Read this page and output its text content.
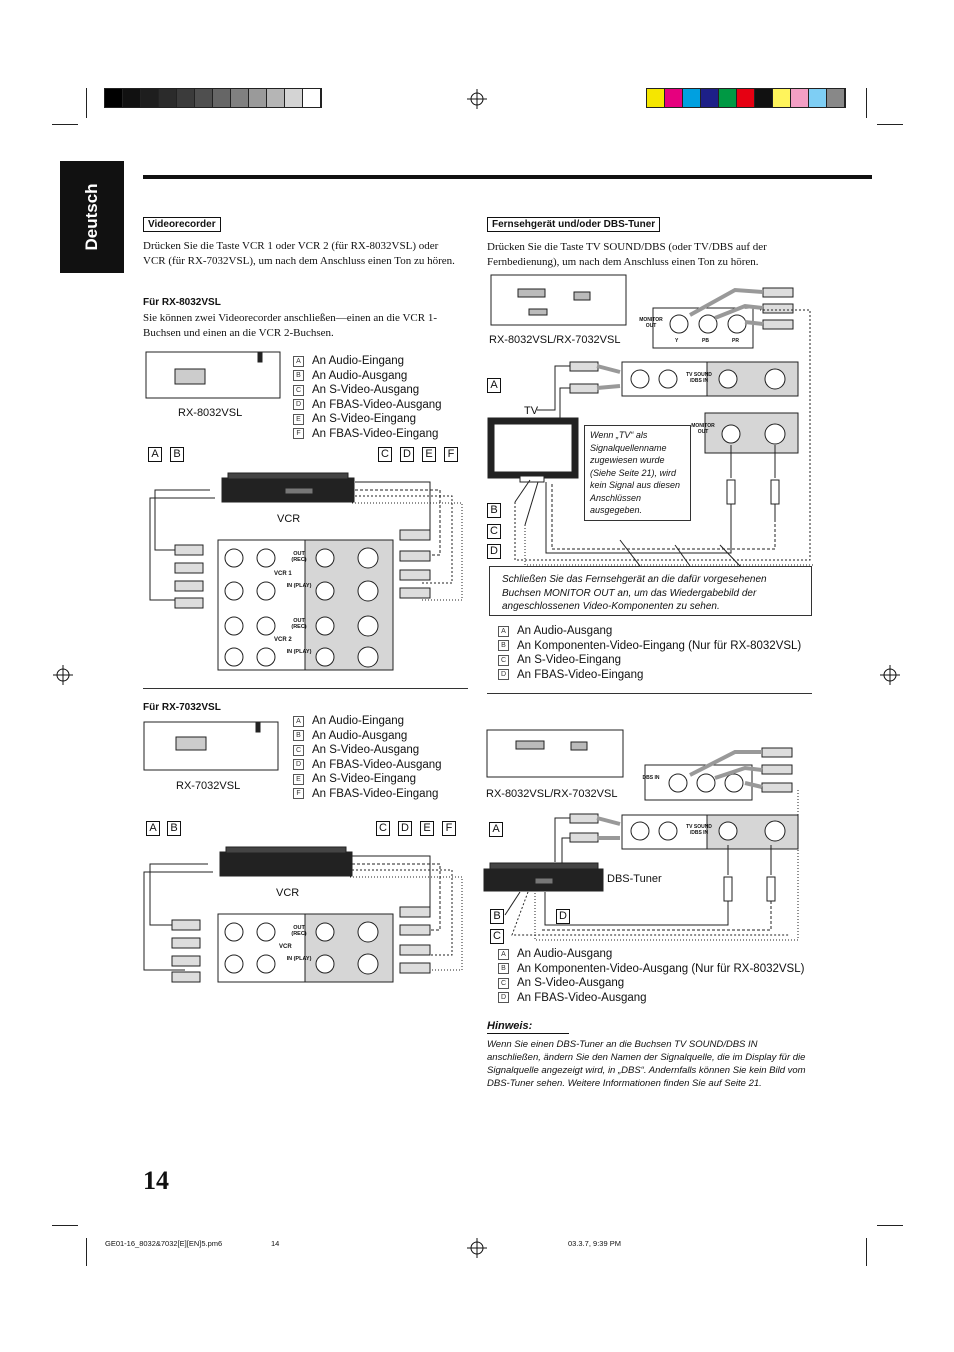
Deutsch	Videorecorder
Drücken Sie die Taste VCR 1 oder VCR 2 (für RX-8032VSL) oder VCR (für RX-7032VSL), um nach dem Anschluss einen Ton zu hören.
Für RX-8032VSL
Sie können zwei Videorecorder anschließen—einen an die VCR 1-Buchsen und einen an die VCR 2-Buchsen.
A An Audio-Eingang
B An Audio-Ausgang
C An S-Video-Ausgang
D An FBAS-Video-Ausgang
E An S-Video-Eingang
F An FBAS-Video-Eingang
RX-8032VSL
VCR
A	B	C D	E	F
Für RX-7032VSL
A An Audio-Eingang
B An Audio-Ausgang
C An S-Video-Ausgang
D An FBAS-Video-Ausgang
E An S-Video-Eingang
F An FBAS-Video-Eingang
RX-7032VSL
VCR
A	B	C D	E	F
OUT (REC)
VCR 1
IN (PLAY)
OUT (REC)
VCR 2
IN (PLAY)
OUT (REC)
VCR
IN (PLAY)
Fernsehgerät und/oder DBS-Tuner
Drücken Sie die Taste TV SOUND/DBS (oder TV/DBS auf der Fernbedienung), um nach dem Anschluss einen Ton zu hören.
RX-8032VSL/RX-7032VSL
TV
A
B
C
D
MONITOR OUT
Y	PB	PR
TV SOUND /DBS IN
MONITOR OUT
Wenn „TV“ als Signalquellenname zugewiesen wurde (Siehe Seite 21), wird kein Signal aus diesen Anschlüssen ausgegeben.
Schließen Sie das Fernsehgerät an die dafür vorgesehenen Buchsen MONITOR OUT an, um das Wiedergabebild der angeschlossenen Video-Komponenten zu sehen.
A An Audio-Ausgang
B An Komponenten-Video-Eingang (Nur für RX-8032VSL)
C An S-Video-Eingang
D An FBAS-Video-Eingang
RX-8032VSL/RX-7032VSL
DBS-Tuner
A
B
C
D
DBS IN
TV SOUND /DBS IN
A An Audio-Ausgang
B An Komponenten-Video-Ausgang (Nur für RX-8032VSL)
C An S-Video-Ausgang
D An FBAS-Video-Ausgang
Hinweis:
Wenn Sie einen DBS-Tuner an die Buchsen TV SOUND/DBS IN anschließen, ändern Sie den Namen der Signalquelle, die im Display für die Signalquelle angezeigt wird, in „DBS“. Andernfalls können Sie kein Bild vom DBS-Tuner sehen. Weitere Informationen finden Sie auf Seite 21.
14
GE01-16_8032&7032[E][EN]5.pm6	14	03.3.7, 9:39 PM
